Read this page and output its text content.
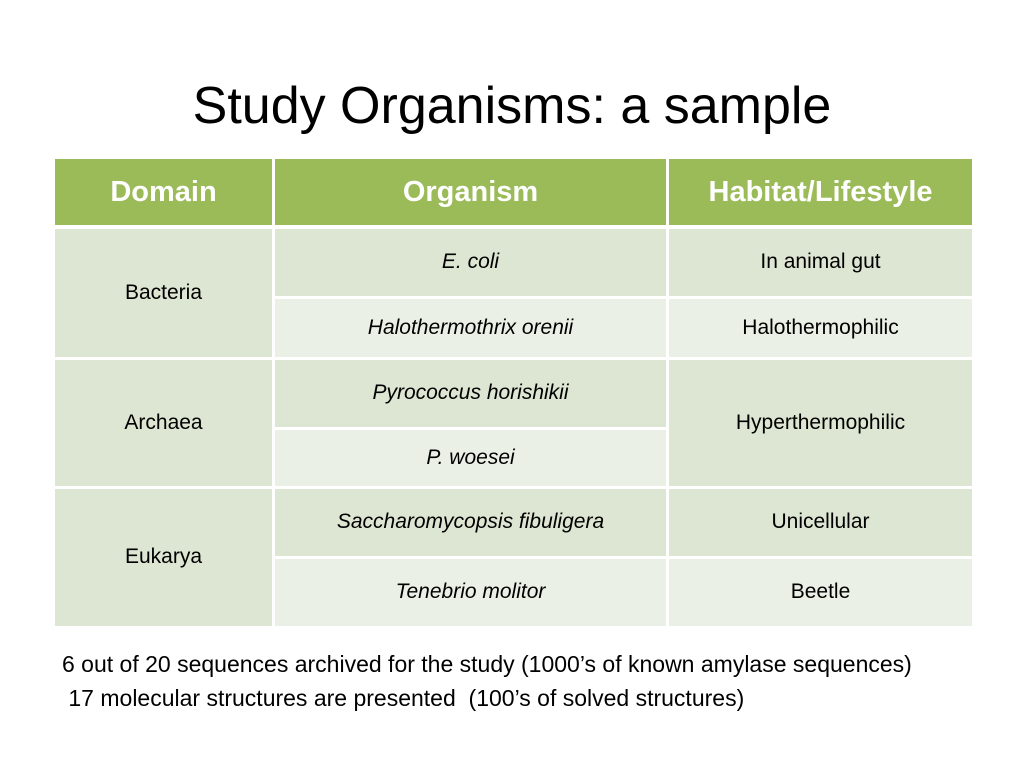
Study Organisms: a sample
Domain	Organism	Habitat/Lifestyle
Bacteria	E. coli	In animal gut
	Halothermothrix orenii	Halothermophilic
Archaea	Pyrococcus horishikii	Hyperthermophilic
	P. woesei	
Eukarya	Saccharomycopsis fibuligera	Unicellular
	Tenebrio molitor	Beetle

6 out of 20 sequences archived for the study (1000’s of known amylase sequences)

17 molecular structures are presented  (100’s of solved structures)
